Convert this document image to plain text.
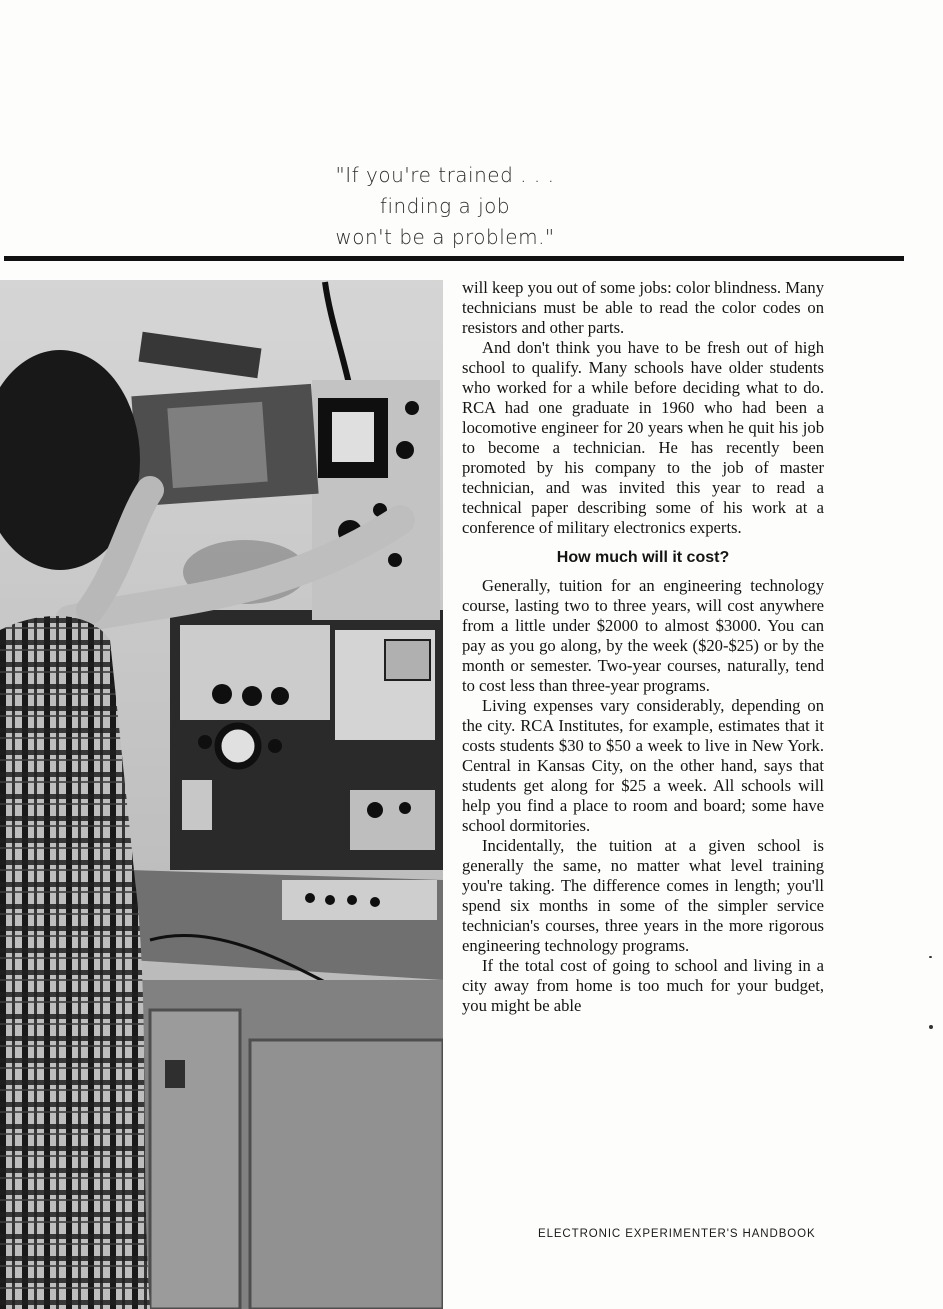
"If you're trained . . .
finding a job
won't be a problem."

will keep you out of some jobs: color blindness. Many technicians must be able to read the color codes on resistors and other parts.

And don't think you have to be fresh out of high school to qualify. Many schools have older students who worked for a while before deciding what to do. RCA had one graduate in 1960 who had been a locomotive engineer for 20 years when he quit his job to become a technician. He has recently been promoted by his company to the job of master technician, and was invited this year to read a technical paper describing some of his work at a conference of military electronics experts.

How much will it cost?

Generally, tuition for an engineering technology course, lasting two to three years, will cost anywhere from a little under $2000 to almost $3000. You can pay as you go along, by the week ($20-$25) or by the month or semester. Two-year courses, naturally, tend to cost less than three-year programs.

Living expenses vary considerably, depending on the city. RCA Institutes, for example, estimates that it costs students $30 to $50 a week to live in New York. Central in Kansas City, on the other hand, says that students get along for $25 a week. All schools will help you find a place to room and board; some have school dormitories.

Incidentally, the tuition at a given school is generally the same, no matter what level training you're taking. The difference comes in length; you'll spend six months in some of the simpler service technician's courses, three years in the more rigorous engineering technology programs.

If the total cost of going to school and living in a city away from home is too much for your budget, you might be able

ELECTRONIC EXPERIMENTER'S HANDBOOK
